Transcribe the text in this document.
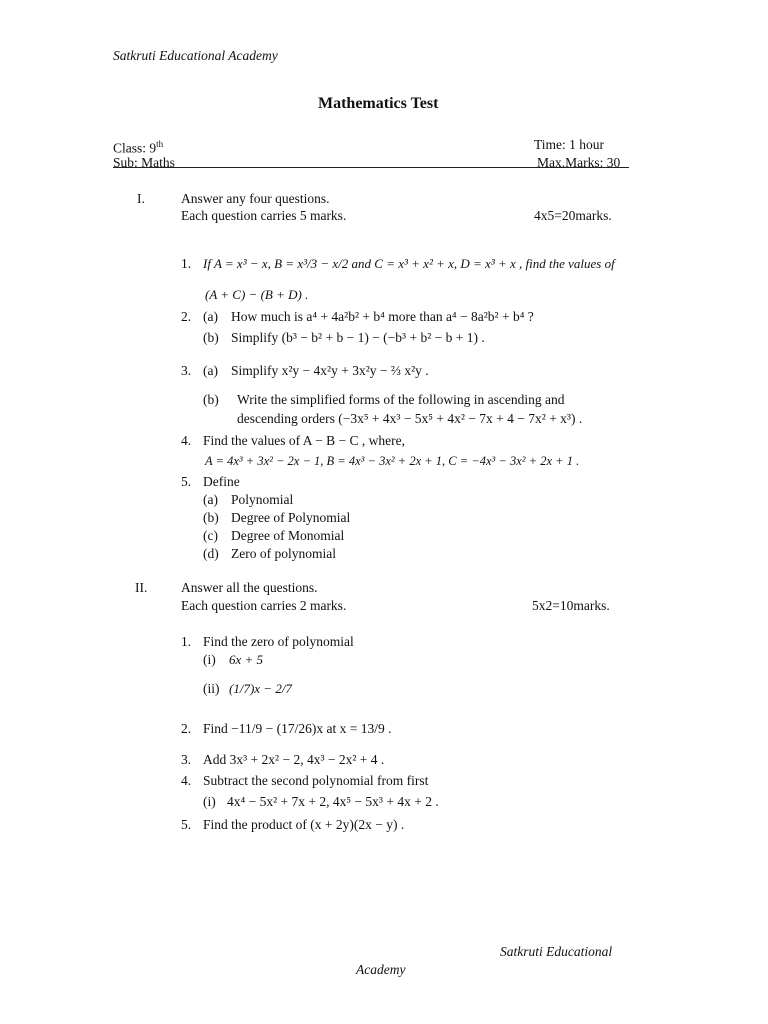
Satkruti Educational Academy
Mathematics Test
Class: 9th	Time: 1 hour
Sub: Maths	Max.Marks: 30
I.	Answer any four questions.
Each question carries 5 marks.	4x5=20marks.
1. If A = x³ − x, B = x³/3 − x/2 and C = x³ + x² + x, D = x³ + x , find the values of
(A + C) − (B + D) .
2. (a) How much is a⁴ + 4a²b² + b⁴ more than a⁴ − 8a²b² + b⁴ ?
(b) Simplify (b³ − b² + b − 1) − (−b³ + b² − b + 1) .
3. (a) Simplify x²y − 4x²y + 3x²y − ⅔ x²y .
(b) Write the simplified forms of the following in ascending and
descending orders (−3x⁵ + 4x³ − 5x⁵ + 4x² − 7x + 4 − 7x² + x³) .
4. Find the values of A − B − C , where,
A = 4x³ + 3x² − 2x − 1, B = 4x³ − 3x² + 2x + 1, C = −4x³ − 3x² + 2x + 1 .
5. Define
(a) Polynomial
(b) Degree of Polynomial
(c) Degree of Monomial
(d) Zero of polynomial
II. Answer all the questions.
Each question carries 2 marks.	5x2=10marks.
1. Find the zero of polynomial
(i) 6x + 5
(ii) (1/7)x − 2/7
2. Find −11/9 − (17/26)x at x = 13/9 .
3. Add 3x³ + 2x² − 2, 4x³ − 2x² + 4 .
4. Subtract the second polynomial from first
(i) 4x⁴ − 5x² + 7x + 2, 4x⁵ − 5x³ + 4x + 2 .
5. Find the product of (x + 2y)(2x − y) .
Satkruti Educational
Academy
